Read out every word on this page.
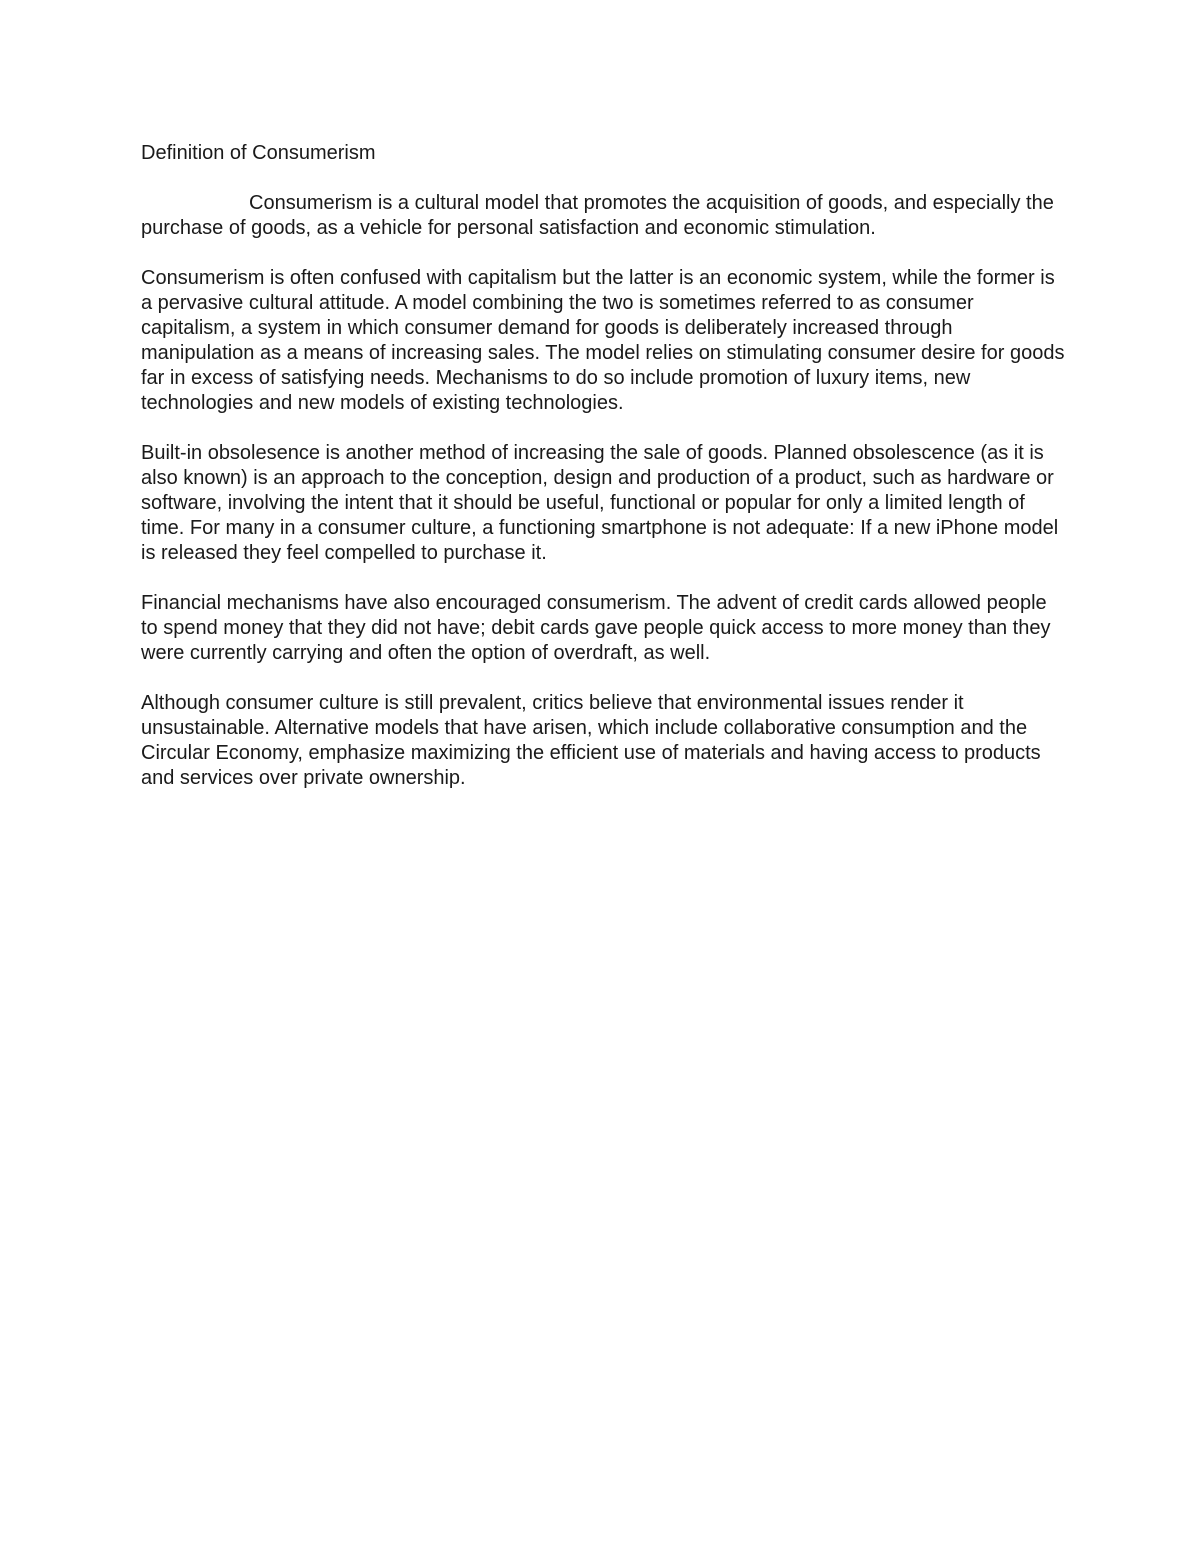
Definition of Consumerism
Consumerism is a cultural model that promotes the acquisition of goods, and especially the purchase of goods, as a vehicle for personal satisfaction and economic stimulation.
Consumerism is often confused with capitalism but the latter is an economic system, while the former is a pervasive cultural attitude. A model combining the two is sometimes referred to as consumer capitalism, a system in which consumer demand for goods is deliberately increased through manipulation as a means of increasing sales. The model relies on stimulating consumer desire for goods far in excess of satisfying needs. Mechanisms to do so include promotion of luxury items, new technologies and new models of existing technologies.
Built-in obsolesence is another method of increasing the sale of goods. Planned obsolescence (as it is also known) is an approach to the conception, design and production of a product, such as hardware or software, involving the intent that it should be useful, functional or popular for only a limited length of time. For many in a consumer culture, a functioning smartphone is not adequate: If a new iPhone model is released they feel compelled to purchase it.
Financial mechanisms have also encouraged consumerism. The advent of credit cards allowed people to spend money that they did not have; debit cards gave people quick access to more money than they were currently carrying and often the option of overdraft, as well.
Although consumer culture is still prevalent, critics believe that environmental issues render it unsustainable. Alternative models that have arisen, which include collaborative consumption and the Circular Economy, emphasize maximizing the efficient use of materials and having access to products and services over private ownership.
